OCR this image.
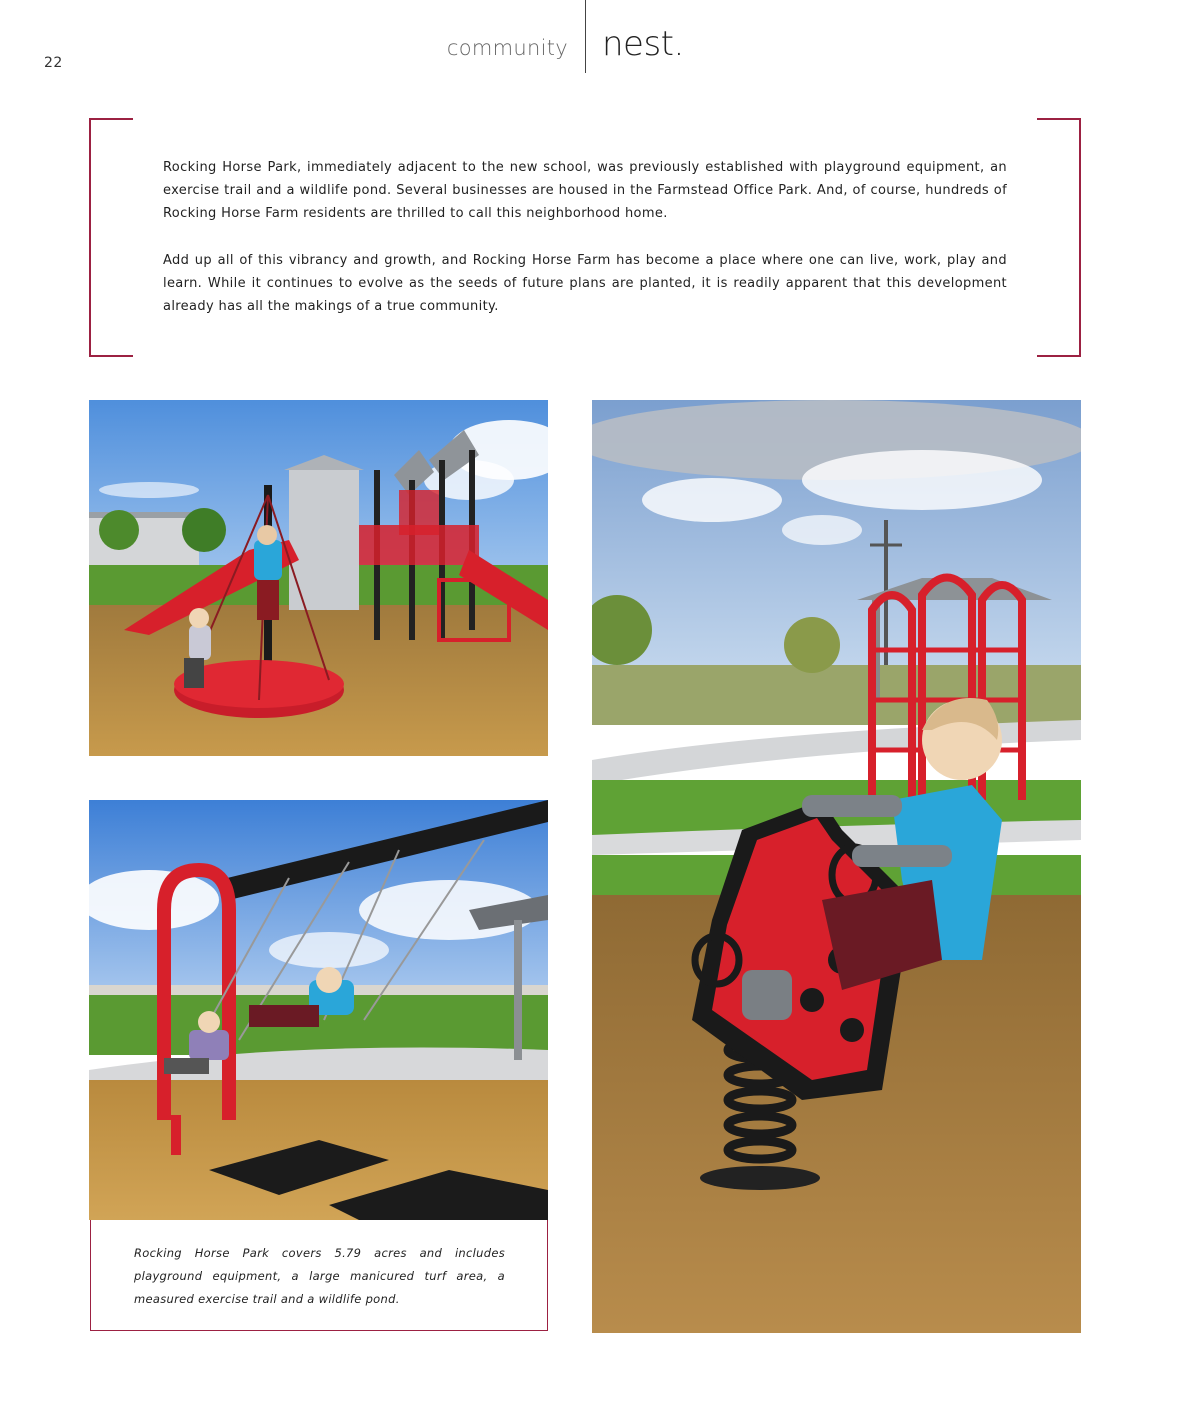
22
community nest.

Rocking Horse Park, immediately adjacent to the new school, was previously established with playground equipment, an exercise trail and a wildlife pond. Several businesses are housed in the Farmstead Office Park. And, of course, hundreds of Rocking Horse Farm residents are thrilled to call this neighborhood home.

Add up all of this vibrancy and growth, and Rocking Horse Farm has become a place where one can live, work, play and learn. While it continues to evolve as the seeds of future plans are planted, it is readily apparent that this development already has all the makings of a true community.

Rocking Horse Park covers 5.79 acres and includes playground equipment, a large manicured turf area, a measured exercise trail and a wildlife pond.
